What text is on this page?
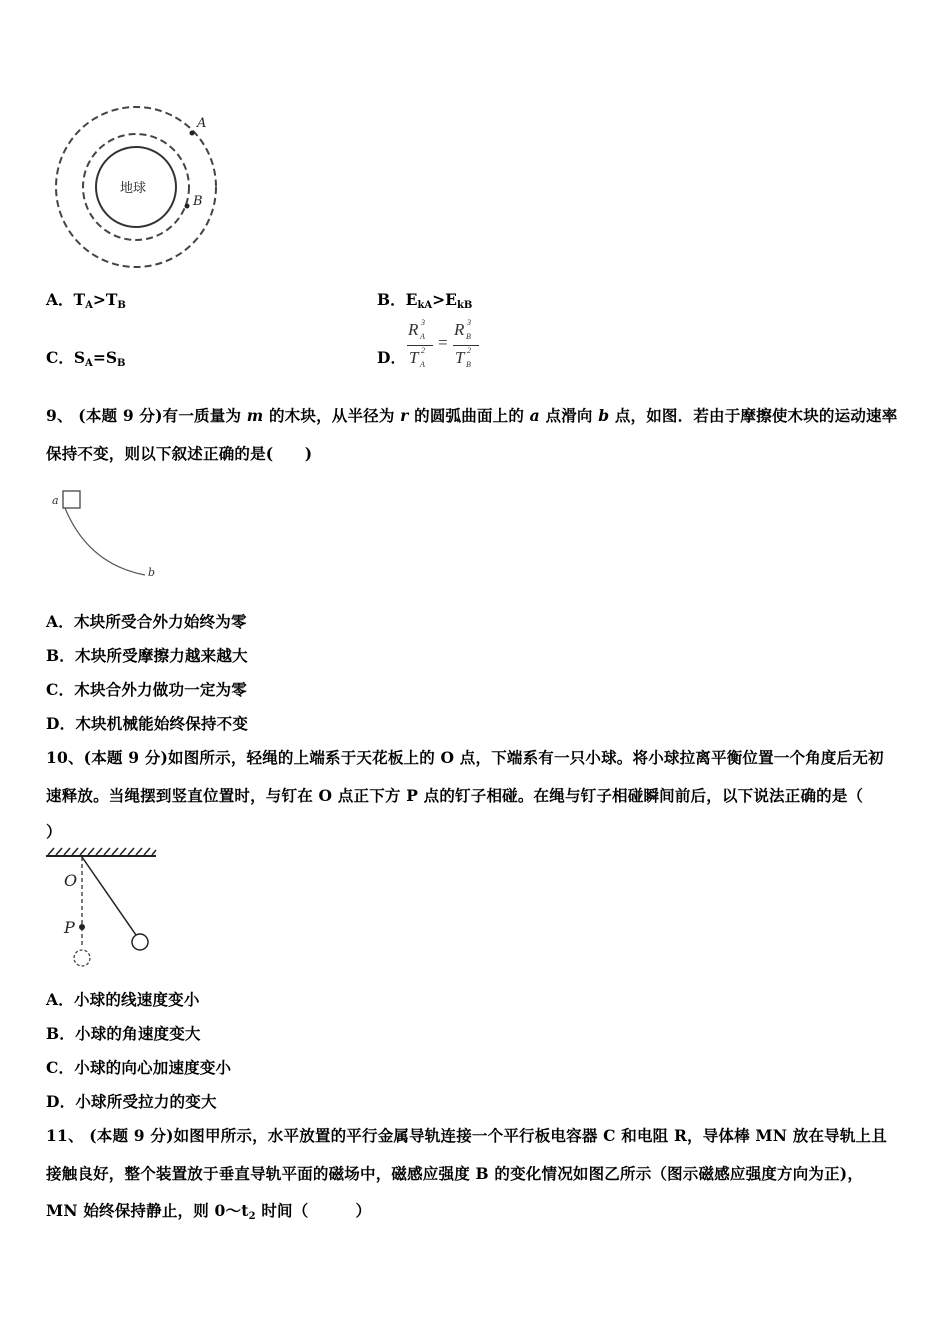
地球
A
B
A．$T_A>T_B$	B．$E_{kA}>E_{kB}$
C．$S_A=S_B$	D．
R 3
A
T 2
A
=
R 3
B
T 2
B
9、 (本题 9 分)有一质量为 m 的木块，从半径为 r 的圆弧曲面上的 a 点滑向 b 点，如图．若由于摩擦使木块的运动速率
保持不变，则以下叙述正确的是(　　)
a
b
A．木块所受合外力始终为零
B．木块所受摩擦力越来越大
C．木块合外力做功一定为零
D．木块机械能始终保持不变
10、(本题 9 分)如图所示，轻绳的上端系于天花板上的 O 点，下端系有一只小球。将小球拉离平衡位置一个角度后无初
速释放。当绳摆到竖直位置时，与钉在 O 点正下方 P 点的钉子相碰。在绳与钉子相碰瞬间前后，以下说法正确的是（
）
O
P
A．小球的线速度变小
B．小球的角速度变大
C．小球的向心加速度变小
D．小球所受拉力的变大
11、 (本题 9 分)如图甲所示，水平放置的平行金属导轨连接一个平行板电容器 C 和电阻 R，导体棒 MN 放在导轨上且
接触良好，整个装置放于垂直导轨平面的磁场中，磁感应强度 B 的变化情况如图乙所示（图示磁感应强度方向为正)，
MN 始终保持静止，则 $0\sim t_2$ 时间（　　　）
